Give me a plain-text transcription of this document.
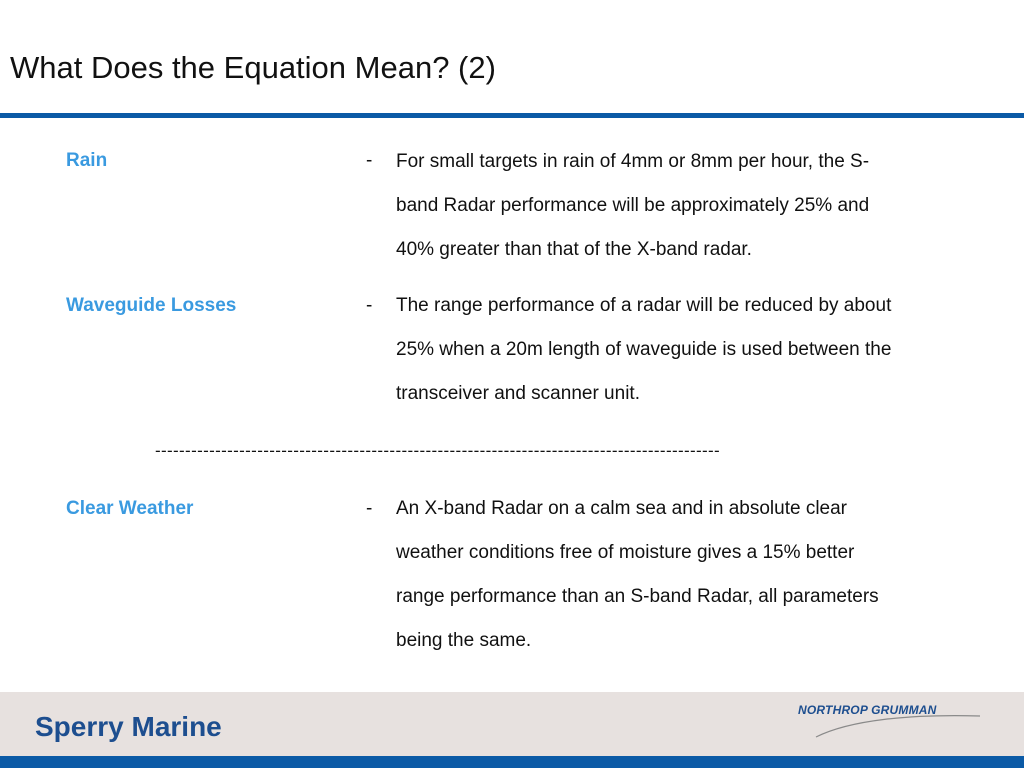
What Does the Equation Mean? (2)
Rain	- For small targets in rain of 4mm or 8mm per hour, the S-
band Radar performance will be approximately 25% and
40% greater than that of the X-band radar.
Waveguide Losses	- The range performance of a radar will be reduced by about
25% when a 20m length of waveguide is used between the
transceiver and scanner unit.
----------------------------------------------------------------------------------------------
Clear Weather	- An X-band Radar on a calm sea and in absolute clear
weather conditions free of moisture gives a 15% better
range performance than an S-band Radar, all parameters
being the same.
Sperry Marine
NORTHROP GRUMMAN
